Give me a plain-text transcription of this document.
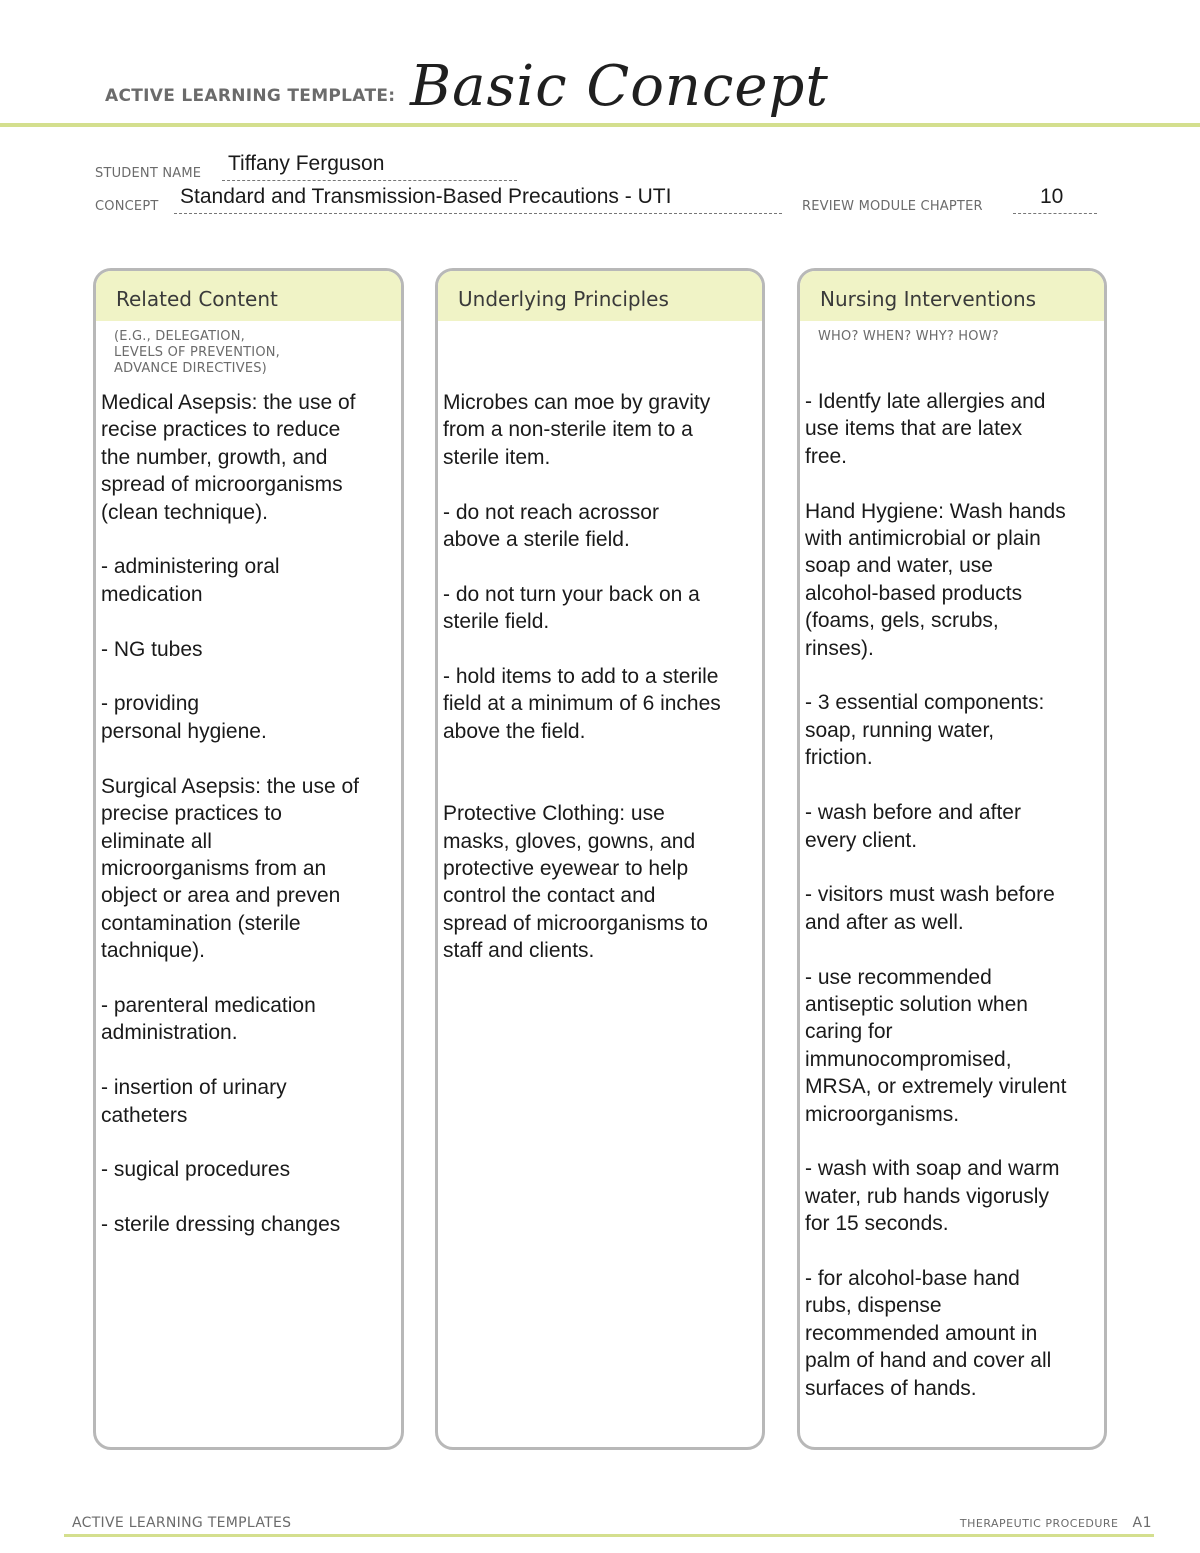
ACTIVE LEARNING TEMPLATE: Basic Concept
STUDENT NAME Tiffany Ferguson
CONCEPT Standard and Transmission-Based Precautions - UTI	REVIEW MODULE CHAPTER	10
Related Content
(E.G., DELEGATION,
LEVELS OF PREVENTION,
ADVANCE DIRECTIVES)
Medical Asepsis: the use of
recise practices to reduce
the number, growth, and
spread of microorganisms
(clean technique).

- administering oral
medication

- NG tubes

- providing
personal hygiene.

Surgical Asepsis: the use of
precise practices to
eliminate all
microorganisms from an
object or area and preven
contamination (sterile
tachnique).

- parenteral medication
administration.

- insertion of urinary
catheters

- sugical procedures

- sterile dressing changes
Underlying Principles
Microbes can moe by gravity
from a non-sterile item to a
sterile item.

- do not reach acrossor
above a sterile field.

- do not turn your back on a
sterile field.

- hold items to add to a sterile
field at a minimum of 6 inches
above the field.

Protective Clothing: use
masks, gloves, gowns, and
protective eyewear to help
control the contact and
spread of microorganisms to
staff and clients.
Nursing Interventions
WHO? WHEN? WHY? HOW?
- Identfy late allergies and
use items that are latex
free.

Hand Hygiene: Wash hands
with antimicrobial or plain
soap and water, use
alcohol-based products
(foams, gels, scrubs,
rinses).

- 3 essential components:
soap, running water,
friction.

- wash before and after
every client.

- visitors must wash before
and after as well.

- use recommended
antiseptic solution when
caring for
immunocompromised,
MRSA, or extremely virulent
microorganisms.

- wash with soap and warm
water, rub hands vigorusly
for 15 seconds.

- for alcohol-base hand
rubs, dispense
recommended amount in
palm of hand and cover all
surfaces of hands.
ACTIVE LEARNING TEMPLATES	THERAPEUTIC PROCEDURE A1
